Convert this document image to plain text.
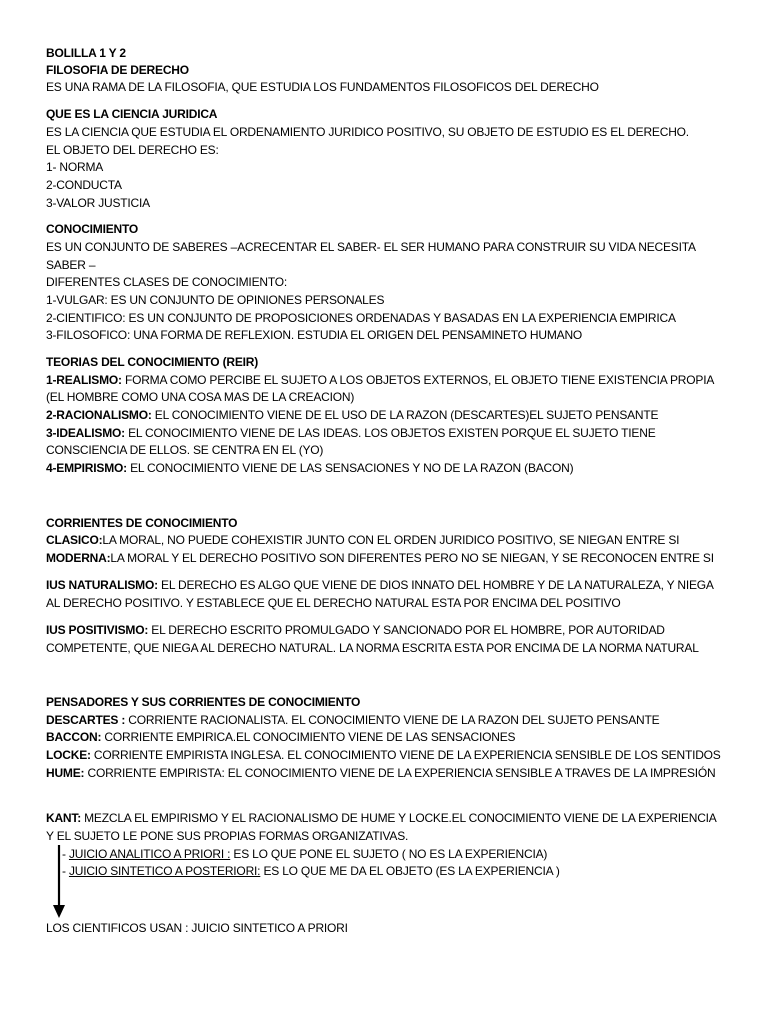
BOLILLA 1 Y 2
FILOSOFIA DE DERECHO
ES UNA RAMA DE LA FILOSOFIA, QUE ESTUDIA LOS FUNDAMENTOS FILOSOFICOS DEL DERECHO
QUE ES LA CIENCIA JURIDICA
ES LA CIENCIA QUE ESTUDIA EL ORDENAMIENTO JURIDICO POSITIVO, SU OBJETO DE ESTUDIO ES EL DERECHO.
EL OBJETO DEL DERECHO ES:
1- NORMA
2-CONDUCTA
3-VALOR JUSTICIA
CONOCIMIENTO
ES UN CONJUNTO DE SABERES –ACRECENTAR EL SABER- EL SER HUMANO PARA CONSTRUIR SU VIDA NECESITA
SABER –
DIFERENTES CLASES DE CONOCIMIENTO:
1-VULGAR: ES UN CONJUNTO DE OPINIONES PERSONALES
2-CIENTIFICO: ES UN CONJUNTO DE PROPOSICIONES ORDENADAS Y BASADAS EN LA EXPERIENCIA EMPIRICA
3-FILOSOFICO: UNA FORMA DE REFLEXION. ESTUDIA EL ORIGEN DEL PENSAMINETO HUMANO
TEORIAS DEL CONOCIMIENTO (REIR)
1-REALISMO: FORMA COMO PERCIBE EL SUJETO A LOS OBJETOS EXTERNOS, EL OBJETO TIENE EXISTENCIA PROPIA
(EL HOMBRE COMO UNA COSA MAS DE LA CREACION)
2-RACIONALISMO: EL CONOCIMIENTO VIENE DE EL USO DE LA RAZON (DESCARTES)EL SUJETO PENSANTE
3-IDEALISMO: EL CONOCIMIENTO VIENE DE LAS IDEAS. LOS OBJETOS EXISTEN PORQUE EL SUJETO TIENE
CONSCIENCIA DE ELLOS. SE CENTRA EN EL (YO)
4-EMPIRISMO: EL CONOCIMIENTO VIENE DE LAS SENSACIONES Y NO DE LA RAZON (BACON)
CORRIENTES DE CONOCIMIENTO
CLASICO:LA MORAL, NO PUEDE COHEXISTIR JUNTO CON EL ORDEN JURIDICO POSITIVO, SE NIEGAN ENTRE SI
MODERNA:LA MORAL Y EL DERECHO POSITIVO SON DIFERENTES PERO NO SE NIEGAN, Y SE RECONOCEN ENTRE SI
IUS NATURALISMO: EL DERECHO ES ALGO QUE VIENE DE DIOS INNATO DEL HOMBRE Y DE LA NATURALEZA, Y NIEGA
AL DERECHO POSITIVO. Y ESTABLECE QUE EL DERECHO NATURAL ESTA POR ENCIMA DEL POSITIVO
IUS POSITIVISMO: EL DERECHO ESCRITO PROMULGADO Y SANCIONADO POR EL HOMBRE, POR AUTORIDAD
COMPETENTE, QUE NIEGA AL DERECHO NATURAL. LA NORMA ESCRITA ESTA POR ENCIMA DE LA NORMA NATURAL
PENSADORES Y SUS CORRIENTES DE CONOCIMIENTO
DESCARTES : CORRIENTE RACIONALISTA. EL CONOCIMIENTO VIENE DE LA RAZON DEL SUJETO PENSANTE
BACCON: CORRIENTE EMPIRICA.EL CONOCIMIENTO VIENE DE LAS SENSACIONES
LOCKE: CORRIENTE EMPIRISTA INGLESA. EL CONOCIMIENTO VIENE DE LA EXPERIENCIA SENSIBLE DE LOS SENTIDOS
HUME: CORRIENTE EMPIRISTA: EL CONOCIMIENTO VIENE DE LA EXPERIENCIA SENSIBLE A TRAVES DE LA IMPRESIÓN
KANT: MEZCLA EL EMPIRISMO Y EL RACIONALISMO DE HUME Y LOCKE.EL CONOCIMIENTO VIENE DE LA EXPERIENCIA
Y EL SUJETO LE PONE SUS PROPIAS FORMAS ORGANIZATIVAS.
- JUICIO ANALITICO A PRIORI : ES LO QUE PONE EL SUJETO ( NO ES LA EXPERIENCIA)
- JUICIO SINTETICO A POSTERIORI: ES LO QUE ME DA EL OBJETO (ES LA EXPERIENCIA )
LOS CIENTIFICOS USAN : JUICIO SINTETICO A PRIORI
